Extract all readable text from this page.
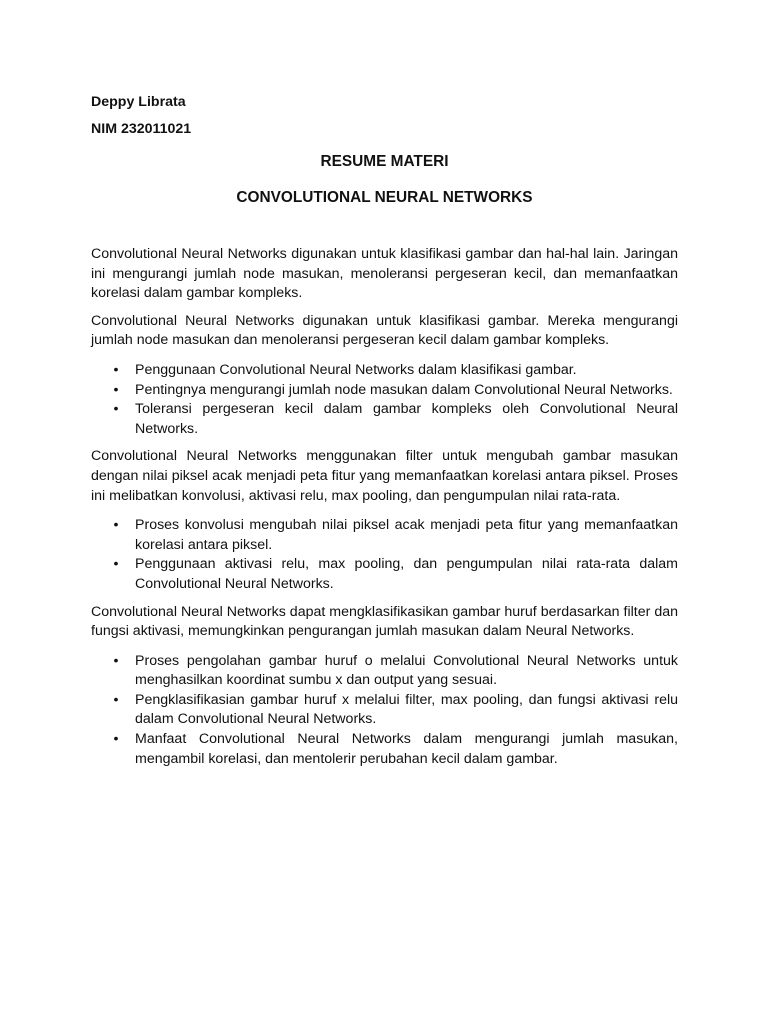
Deppy Librata

NIM 232011021

RESUME MATERI

CONVOLUTIONAL NEURAL NETWORKS

Convolutional Neural Networks digunakan untuk klasifikasi gambar dan hal-hal lain. Jaringan ini mengurangi jumlah node masukan, menoleransi pergeseran kecil, dan memanfaatkan korelasi dalam gambar kompleks.

Convolutional Neural Networks digunakan untuk klasifikasi gambar. Mereka mengurangi jumlah node masukan dan menoleransi pergeseran kecil dalam gambar kompleks.

• Penggunaan Convolutional Neural Networks dalam klasifikasi gambar.
• Pentingnya mengurangi jumlah node masukan dalam Convolutional Neural Networks.
• Toleransi pergeseran kecil dalam gambar kompleks oleh Convolutional Neural Networks.

Convolutional Neural Networks menggunakan filter untuk mengubah gambar masukan dengan nilai piksel acak menjadi peta fitur yang memanfaatkan korelasi antara piksel. Proses ini melibatkan konvolusi, aktivasi relu, max pooling, dan pengumpulan nilai rata-rata.

• Proses konvolusi mengubah nilai piksel acak menjadi peta fitur yang memanfaatkan korelasi antara piksel.
• Penggunaan aktivasi relu, max pooling, dan pengumpulan nilai rata-rata dalam Convolutional Neural Networks.

Convolutional Neural Networks dapat mengklasifikasikan gambar huruf berdasarkan filter dan fungsi aktivasi, memungkinkan pengurangan jumlah masukan dalam Neural Networks.

• Proses pengolahan gambar huruf o melalui Convolutional Neural Networks untuk menghasilkan koordinat sumbu x dan output yang sesuai.
• Pengklasifikasian gambar huruf x melalui filter, max pooling, dan fungsi aktivasi relu dalam Convolutional Neural Networks.
• Manfaat Convolutional Neural Networks dalam mengurangi jumlah masukan, mengambil korelasi, dan mentolerir perubahan kecil dalam gambar.
